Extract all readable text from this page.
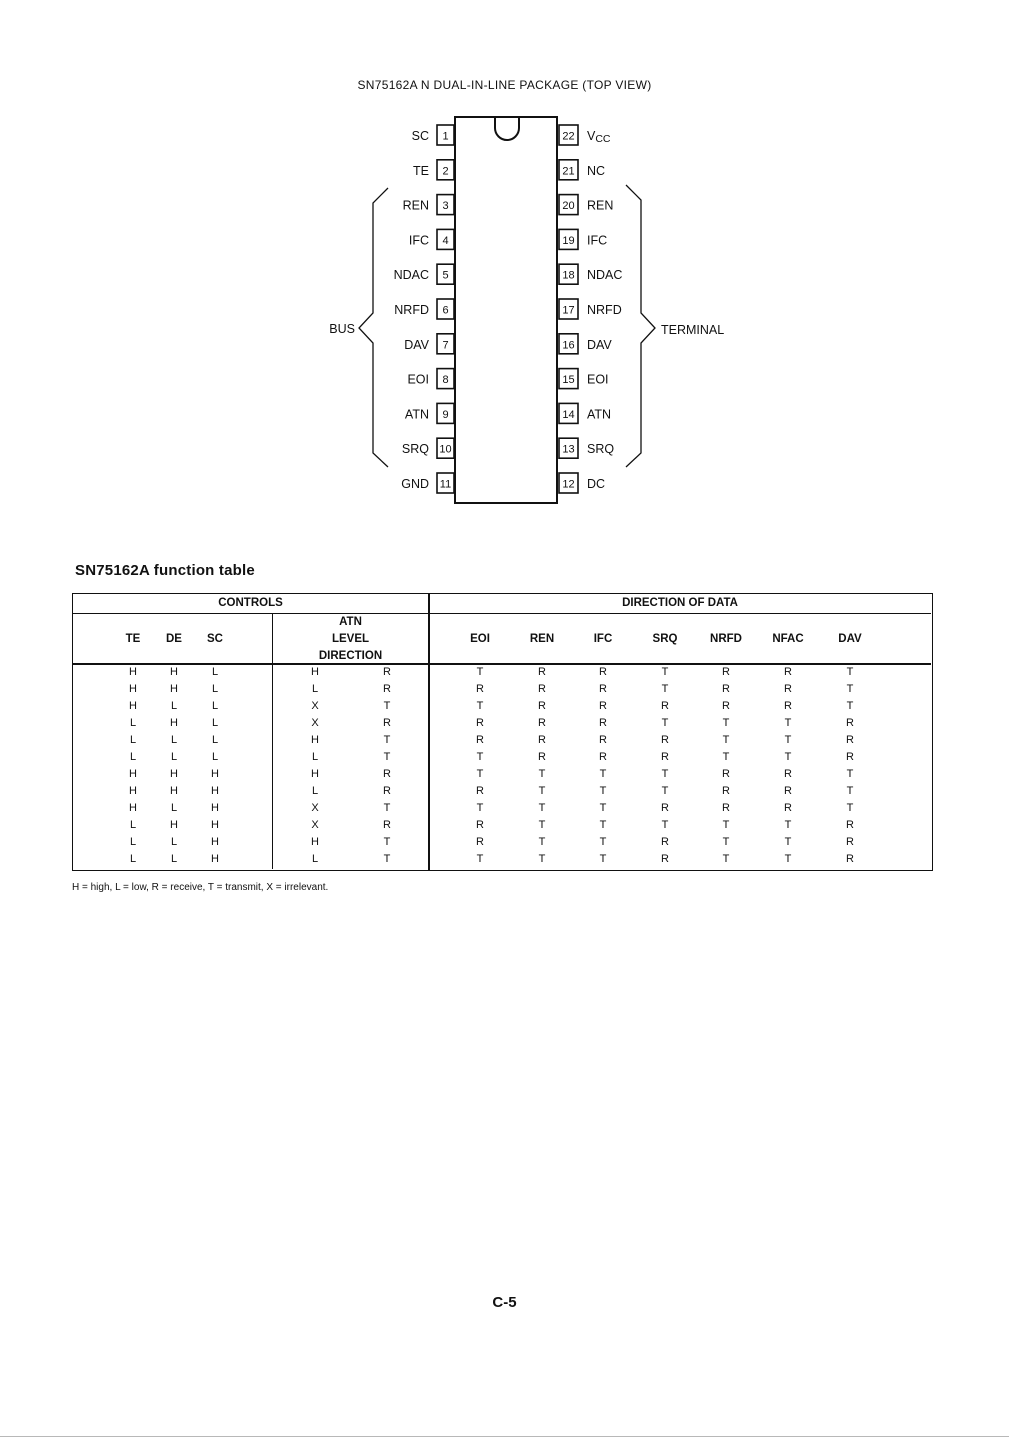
SN75162A N DUAL-IN-LINE PACKAGE (TOP VIEW)
1
SC
2
TE
3
REN
4
IFC
5
NDAC
6
NRFD
7
DAV
8
EOI
9
ATN
10
SRQ
11
GND
22 VCC
21 NC
20 REN
19 IFC
18 NDAC
17 NRFD
16 DAV
15 EOI
14 ATN
13 SRQ
12 DC
BUS	TERMINAL
SN75162A function table
CONTROLS	DIRECTION OF DATA
TE	DE	SC
ATN
LEVEL
DIRECTION
EOI	REN	IFC	SRQ	NRFD	NFAC	DAV
H	H	L	H	R	T	R	R	T	R	R	T
H	H	L	L	R	R	R	R	T	R	R	T
H	L	L	X	T	T	R	R	R	R	R	T
L	H	L	X	R	R	R	R	T	T	T	R
L	L	L	H	T	R	R	R	R	T	T	R
L	L	L	L	T	T	R	R	R	T	T	R
H	H	H	H	R	T	T	T	T	R	R	T
H	H	H	L	R	R	T	T	T	R	R	T
H	L	H	X	T	T	T	T	R	R	R	T
L	H	H	X	R	R	T	T	T	T	T	R
L	L	H	H	T	R	T	T	R	T	T	R
L	L	H	L	T	T	T	T	R	T	T	R
H = high, L = low, R = receive, T = transmit, X = irrelevant.
C-5
